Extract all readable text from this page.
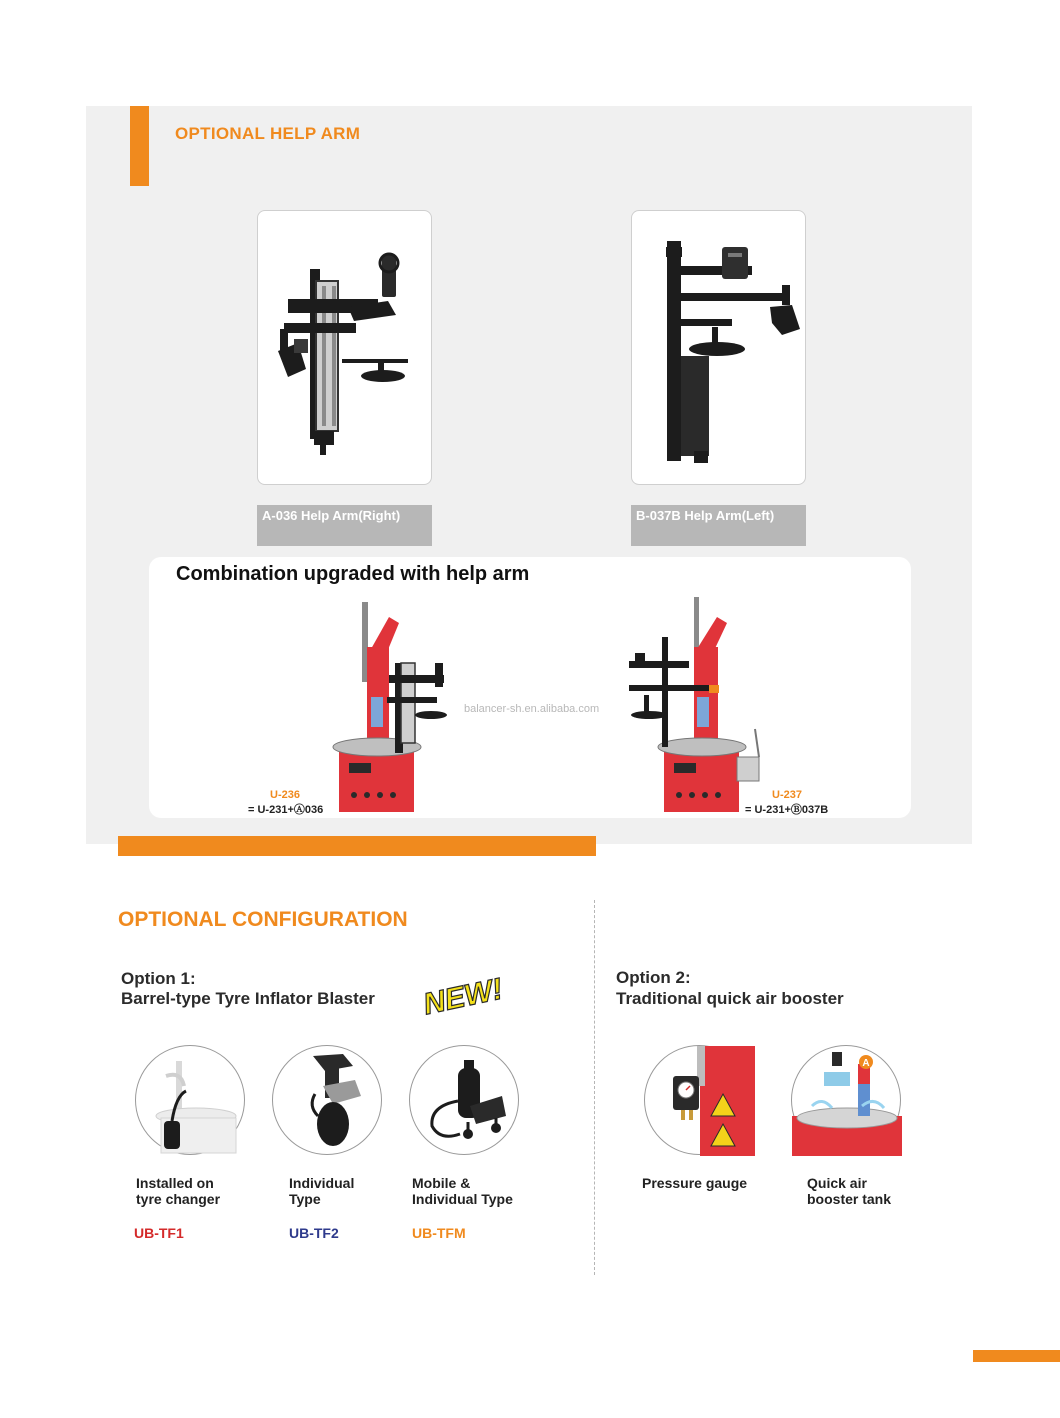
OPTIONAL HELP ARM
A-036 Help Arm(Right)	B-037B Help Arm(Left)
Combination upgraded with help arm
balancer-sh.en.alibaba.com
U-236
= U-231+Ⓐ036
U-237
= U-231+Ⓑ037B
OPTIONAL CONFIGURATION
Option 1:
Barrel-type Tyre Inflator Blaster NEW!
Installed on
tyre changer
Individual
Type
Mobile &
Individual Type
UB-TF1	UB-TF2	UB-TFM
Option 2:
Traditional quick air booster
A
Pressure gauge	Quick air
booster tank
